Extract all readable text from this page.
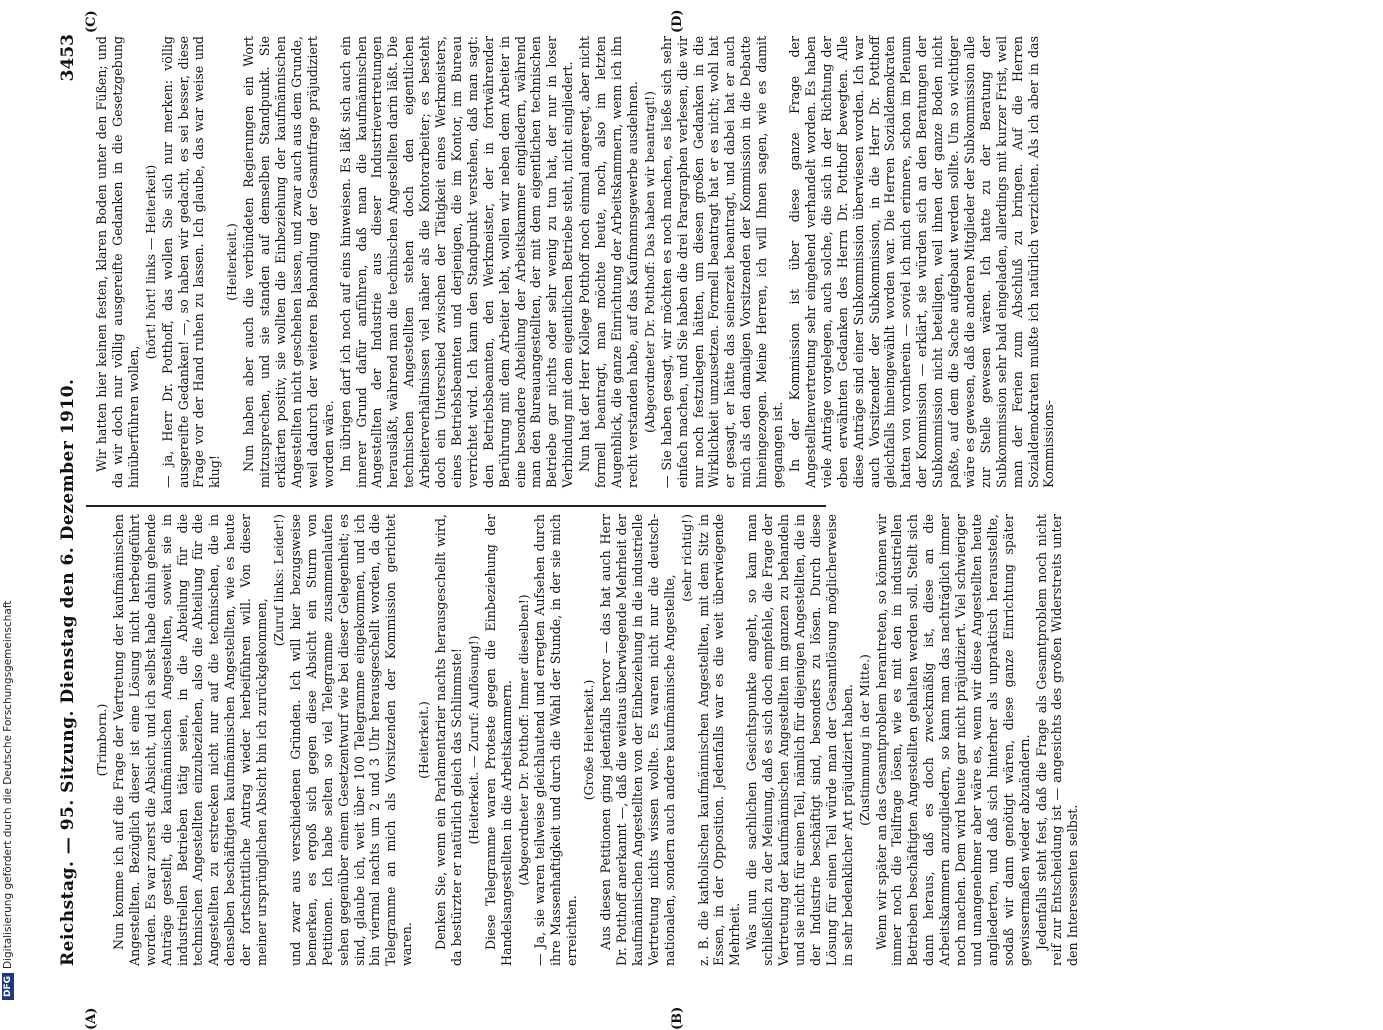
Reichstag. — 95. Sitzung. Dienstag den 6. Dezember 1910.
3453
(A)	(B)
(C)	(D)

(Trimborn.) Nun komme ich auf die Frage der Vertretung der kaufmännischen Angestellten. Bezüglich dieser ist eine Lösung nicht herbeigeführt worden. Es war zuerst die Absicht, und ich selbst habe dahin gehende Anträge gestellt, die kaufmännischen Angestellten, soweit sie in industriellen Betrieben tätig seien, in die Abteilung für die technischen Angestellten einzubeziehen, also die Abteilung für die Angestellten zu erstrecken nicht nur auf die technischen, die in denselben beschäftigten kaufmännischen Angestellten, wie es heute der fortschrittliche Antrag wieder herbeiführen will. Von dieser meiner ursprünglichen Absicht bin ich zurückgekommen,

(Zuruf links: Leider!) und zwar aus verschiedenen Gründen. Ich will hier bezugsweise bemerken, es ergoß sich gegen diese Absicht ein Sturm von Petitionen. Ich habe selten so viel Telegramme zusammenlaufen sehen gegenüber einem Gesetzentwurf wie bei dieser Gelegenheit; es sind, glaube ich, weit über 100 Telegramme eingekommen, und ich bin viermal nachts um 2 und 3 Uhr herausgeschellt worden, da die Telegramme an mich als Vorsitzenden der Kommission gerichtet waren.

(Heiterkeit.) Denken Sie, wenn ein Parlamentarier nachts herausgeschellt wird, da bestürzter er natürlich gleich das Schlimmste! (Heiterkeit. — Zuruf: Auflösung!) Diese Telegramme waren Proteste gegen die Einbeziehung der Handelsangestellten in die Arbeitskammern. (Abgeordneter Dr. Potthoff: Immer dieselben!) — Ja, sie waren teilweise gleichlautend und erregten Aufsehen durch ihre Massenhaftigkeit und durch die Wahl der Stunde, in der sie mich erreichten.

(Große Heiterkeit.) Aus diesen Petitionen ging jedenfalls hervor — das hat auch Herr Dr. Potthoff anerkannt —, daß die weitaus überwiegende Mehrheit der kaufmännischen Angestellten von der Einbeziehung in die industrielle Vertretung nichts wissen wollte. Es waren nicht nur die deutsch-nationalen, sondern auch andere kaufmännische Angestellte,

(sehr richtig!) z. B. die katholischen kaufmännischen Angestellten, mit dem Sitz in Essen, in der Opposition. Jedenfalls war es die weit überwiegende Mehrheit. Was nun die sachlichen Gesichtspunkte angeht, so kam man schließlich zu der Meinung, daß es sich doch empfehle, die Frage der Vertretung der kaufmännischen Angestellten im ganzen zu behandeln und sie nicht für einen Teil, nämlich für diejenigen Angestellten, die in der Industrie beschäftigt sind, besonders zu lösen. Durch diese Lösung für einen Teil würde man der Gesamtlösung möglicherweise in sehr bedenklicher Art präjudiziert haben. (Zustimmung in der Mitte.) Wenn wir später an das Gesamtproblem herantreten, so können wir immer noch die Teilfrage lösen, wie es mit den in industriellen Betrieben beschäftigten Angestellten gehalten werden soll. Stellt sich dann heraus, daß es doch zweckmäßig ist, diese an die Arbeitskammern anzugliedern, so kann man das nachträglich immer noch machen. Dem wird heute gar nicht präjudiziert. Viel schwieriger und unangenehmer aber wäre es, wenn wir diese Angestellten heute angliederten, und daß sich hinterher als unpraktisch herausstellte, sodaß wir dann genötigt wären, diese ganze Einrichtung später gewissermaßen wieder abzuändern. Jedenfalls steht fest, daß die Frage als Gesamtproblem noch nicht reif zur Entscheidung ist — angesichts des großen Widerstreits unter den Interessenten selbst.

Wir hatten hier keinen festen, klaren Boden unter den Füßen; und da wir doch nur völlig ausgereifte Gedanken in die Gesetzgebung hinüberführen wollen,

(hört! hört! links — Heiterkeit) — ja, Herr Dr. Potthoff, das wollen Sie sich nur merken: völlig ausgereifte Gedanken! —, so haben wir gedacht, es sei besser, diese Frage vor der Hand ruhen zu lassen. Ich glaube, das war weise und klug!

(Heiterkeit.) Nun haben aber auch die verbündeten Regierungen ein Wort mitzusprechen, und sie standen auf demselben Standpunkt. Sie erklärten positiv, sie wollten die Einbeziehung der kaufmännischen Angestellten nicht geschehen lassen, und zwar auch aus dem Grunde, weil dadurch der weiteren Behandlung der Gesamtfrage präjudiziert worden wäre. Im übrigen darf ich noch auf eins hinweisen. Es läßt sich auch ein innerer Grund dafür anführen, daß man die kaufmännischen Angestellten der Industrie aus dieser Industrievertretungen herausläßt, während man die technischen Angestellten darin läßt. Die technischen Angestellten stehen doch den eigentlichen Arbeiterverhältnissen viel näher als die Kontorarbeiter; es besteht doch ein Unterschied zwischen der Tätigkeit eines Werkmeisters, eines Betriebsbeamten und derjenigen, die im Kontor, im Bureau verrichtet wird. Ich kann den Standpunkt verstehen, daß man sagt: den Betriebsbeamten, den Werkmeister, der in fortwährender Berührung mit dem Arbeiter lebt, wollen wir neben dem Arbeiter in eine besondere Abteilung der Arbeitskammer eingliedern, während man den Bureauangestellten, der mit dem eigentlichen technischen Betriebe gar nichts oder sehr wenig zu tun hat, der nur in loser Verbindung mit dem eigentlichen Betriebe steht, nicht eingliedert. Nun hat der Herr Kollege Potthoff noch einmal angeregt, aber nicht formell beantragt, man möchte heute, noch, also im letzten Augenblick, die ganze Einrichtung der Arbeitskammern, wenn ich ihn recht verstanden habe, auf das Kaufmannsgewerbe ausdehnen. (Abgeordneter Dr. Potthoff: Das haben wir beantragt!) — Sie haben gesagt, wir möchten es noch machen, es ließe sich sehr einfach machen, und Sie haben die drei Paragraphen verlesen, die wir nur noch festzulegen hätten, um diesen großen Gedanken in die Wirklichkeit umzusetzen. Formell beantragt hat er es nicht; wohl hat er gesagt, er hätte das seinerzeit beantragt, und dabei hat er auch mich als den damaligen Vorsitzenden der Kommission in die Debatte hineingezogen. Meine Herren, ich will Ihnen sagen, wie es damit gegangen ist. In der Kommission ist über diese ganze Frage der Angestelltenvertretung sehr eingehend verhandelt worden. Es haben viele Anträge vorgelegen, auch solche, die sich in der Richtung der eben erwähnten Gedanken des Herrn Dr. Potthoff bewegten. Alle diese Anträge sind einer Subkommission überwiesen worden. Ich war auch Vorsitzender der Subkommission, in die Herr Dr. Potthoff gleichfalls hineingewählt worden war. Die Herren Sozialdemokraten hatten von vornherein — soviel ich mich erinnere, schon im Plenum der Kommission — erklärt, sie würden sich an den Beratungen der Subkommission nicht beteiligen, weil ihnen der ganze Boden nicht paßte, auf dem die Sache aufgebaut werden sollte. Um so wichtiger wäre es gewesen, daß die anderen Mitglieder der Subkommission alle zur Stelle gewesen wären. Ich hatte zu der Beratung der Subkommission sehr bald eingeladen, allerdings mit kurzer Frist, weil man der Ferien zum Abschluß zu bringen. Auf die Herren Sozialdemokraten mußte ich natürlich verzichten. Als ich aber in das Kommissions-

DFGDigitalisierung gefördert durch die Deutsche Forschungsgemeinschaft
